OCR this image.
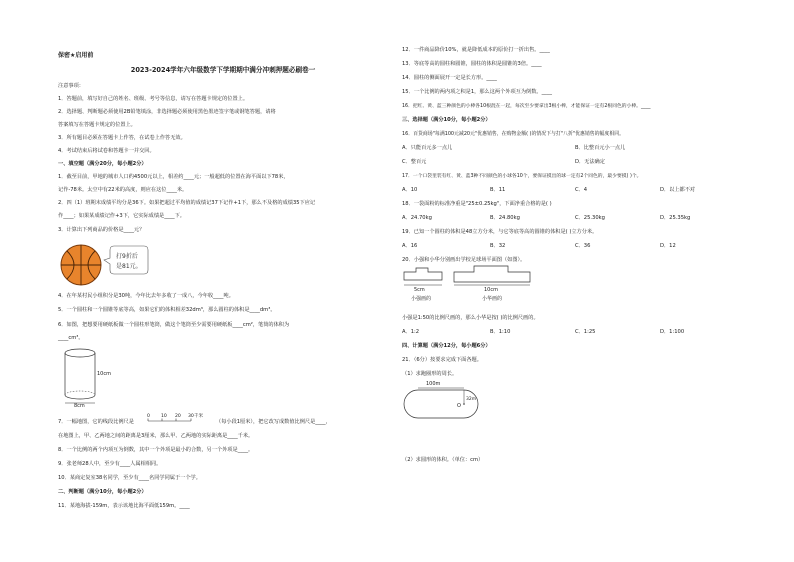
保密★启用前
2023-2024学年六年级数学下学期期中满分冲刺押题必刷卷一
注意事项：
1．答题前，填写好自己的姓名、班级、考号等信息，请写在答题卡规定的位置上。
2．选择题、判断题必须使用2B铅笔填涂，非选择题必须使用黑色墨迹签字笔或钢笔答题，请将
答案填写在答题卡规定的位置上。
3．所有题目必须在答题卡上作答，在试卷上作答无效。
4．考试结束后将试卷和答题卡一并交回。
一、填空题（满分20分，每小题2分）
1．截至目前，甲地的城市人口约4500元以上，相差约____元；一般超低的位置在海平面以下78米，
记作-78米。太空中有22米的高度，则应在这位____米。
2．四（1）班期末成绩平均分是36下。如果把超过平均值的成绩记37下记作+1下，那么不及格的成绩35下应记
作____；如果某成绩记作+3下，它实际成绩是____下。
3．计算出下列商品的价格是____元？
打9折后
是81元。
4．在年某村民小组积分是30吨，今年比去年多收了一成八，今年收____吨。
5．一个圆柱和一个圆锥等底等高，如果它们的体积相差32dm³，那么圆柱的体积是____dm³。
6．如图，把想要用硬纸板做一个圆柱形笔筒，做这个笔筒至少需要用硬纸板____cm²，笔筒的体积为
____cm³。
10cm
8cm
7．一幅地图，它的线段比例尺是
0 10 20 30千米
（每小段1厘米），把它改写成数值比例尺是____，
在地图上，甲、乙两地之间的距离是3厘米，那么甲、乙两地的实际距离是____千米。
8．一个比例的两个内项互为倒数，其中一个外项是最小的合数，另一个外项是____。
9．张老师28人中，至少有____人属相相同。
10．某商定复室38名同学，至少有____名同学同属于一个学。
二、判断题（满分10分，每小题2分）
11．某地海拔-159m，表示该地比海平面低159m。____
12．一件商品降价10%，就是降低成本的原价打一折出售。____
13．等底等高的圆柱和圆锥，圆柱的体积是圆锥的3倍。____
14．圆柱的侧面展开一定是长方形。____
15．一个比例的两内项之积是1，那么这两个外项互为倒数。____
16．把红、黄、蓝三种颜色的小棒各10根混在一起，每次至少要拿出3根小棒，才能保证一定有2根同色的小棒。____
三、选择题（满分10分，每小题2分）
16．百货商场"每满100元减20元"优惠销售，在购物金额( )的情况下与打"八折"优惠销售的幅度相同。
A．只能百元多一点儿	B．比整百元小一点儿
C．整百元	D．无法确定
17．一个口袋里装有红、黄、蓝3种不同颜色的小球各10个，要保证摸出的球一定有2个同色的，最少要摸( )个。
A．10	B．11	C．4	D．以上都不对
18．一袋面粉的标准净重是"25±0.25kg"，下面净重合格的是( )
A．24.70kg	B．24.80kg	C．25.30kg	D．25.35kg
19．已知一个圆柱的体积是48立方分米，与它等底等高的圆锥的体积是( )立方分米。
A．16	B．32	C．36	D．12
20．小强和小华分别画出学校足球场平面图（如图）。
5cm
小强画的
10cm
小华画的
小强是1:50的比例尺画的，那么小华是按( )的比例尺画的。
A．1:2	B．1:10	C．1:25	D．1:100
四、计算题（满分12分，每小题6分）
21．（6分）按要求完成下面各题。
（1）求跑圈形的周长。
100m
O
32m
（2）求圆形的体积。（单位：cm）
